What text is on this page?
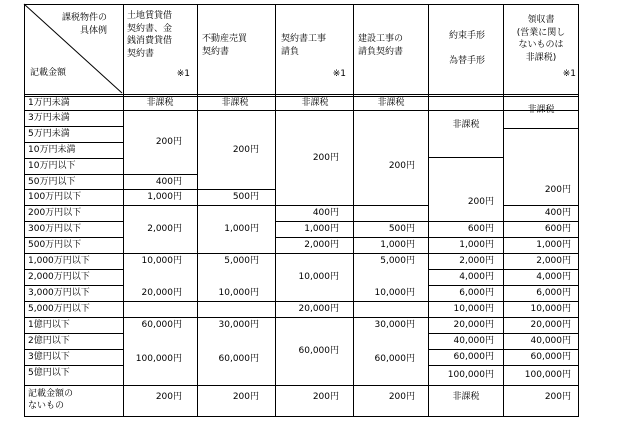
課税物件の
　　具体例
記載金額
土地賃貸借
契約書、金
銭消費貸借
契約書
※1
不動産売買
契約書
契約書工事
請負
※1
建設工事の
請負契約書
約束手形

為替手形
領収書
(営業に関し
ないものは
非課税)
※1
1万円未満
3万円未満
5万円未満
10万円未満
10万円以下
50万円以下
100万円以下
200万円以下
300万円以下
500万円以下
1,000万円以下
2,000万円以下
3,000万円以下
5,000万円以下
1億円以下
2億円以下
3億円以下
5億円以下
記載金額の
ないもの
非課税
200円
400円
1,000円
2,000円
10,000円
20,000円
60,000円
100,000円
200円
非課税
200円
500円
1,000円
5,000円
10,000円
30,000円
60,000円
200円
非課税
200円
400円
1,000円
2,000円
10,000円
20,000円
60,000円
200円
非課税
200円
500円
1,000円
5,000円
10,000円
30,000円
60,000円
200円
非課税
200円
600円
1,000円
2,000円
4,000円
6,000円
10,000円
20,000円
40,000円
60,000円
100,000円
非課税
非課税
200円
400円
600円
1,000円
2,000円
4,000円
6,000円
10,000円
20,000円
40,000円
60,000円
100,000円
200円
